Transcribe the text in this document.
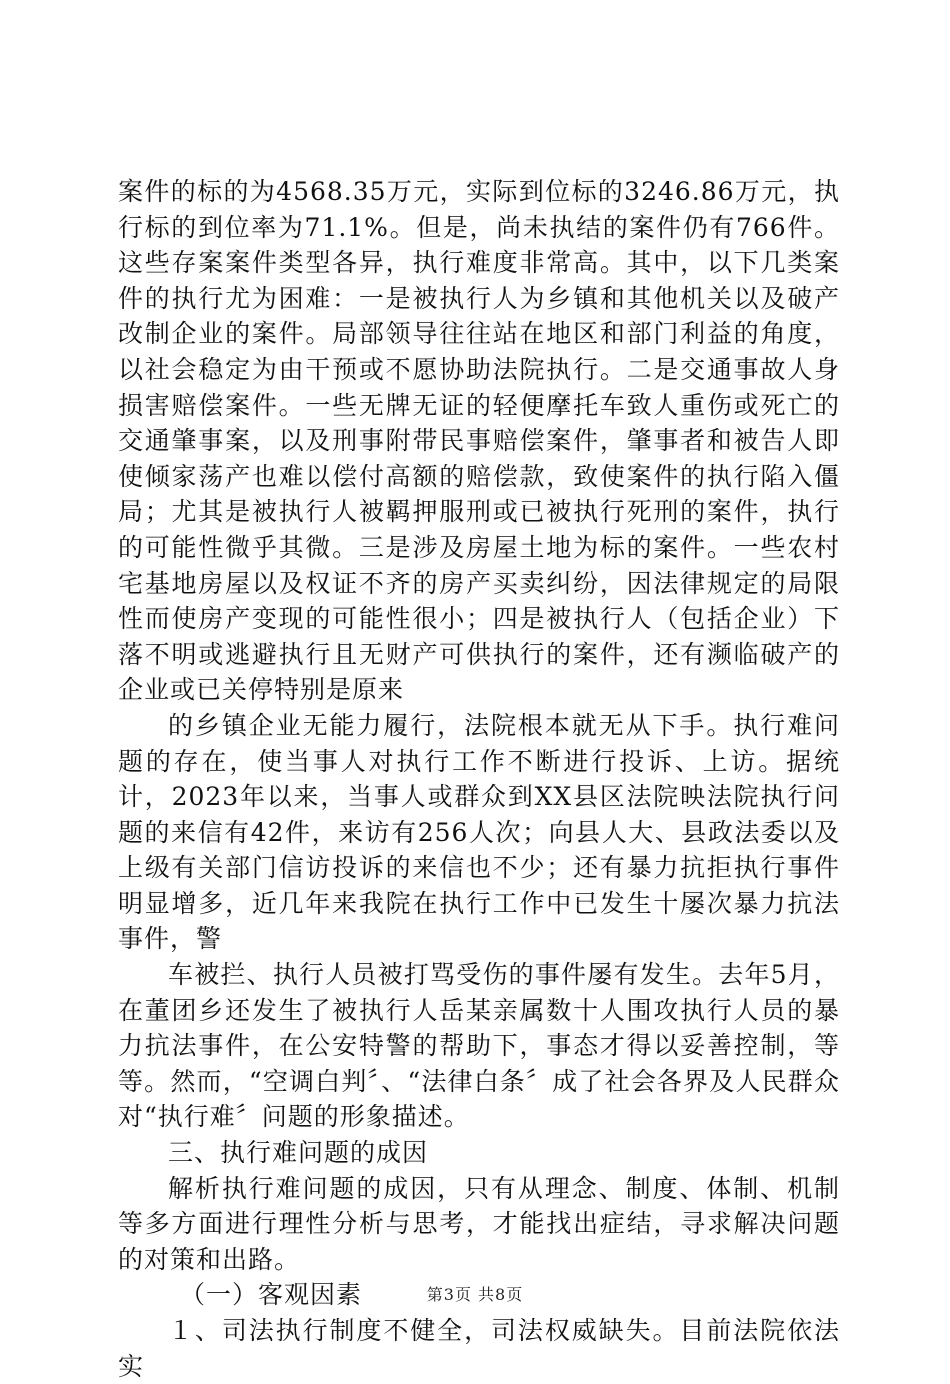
案件的标的为4568.35万元，实际到位标的3246.86万元，执行标的到位率为71.1%。但是，尚未执结的案件仍有766件。这些存案案件类型各异，执行难度非常高。其中，以下几类案件的执行尤为困难：一是被执行人为乡镇和其他机关以及破产改制企业的案件。局部领导往往站在地区和部门利益的角度，以社会稳定为由干预或不愿协助法院执行。二是交通事故人身损害赔偿案件。一些无牌无证的轻便摩托车致人重伤或死亡的交通肇事案，以及刑事附带民事赔偿案件，肇事者和被告人即使倾家荡产也难以偿付高额的赔偿款，致使案件的执行陷入僵局；尤其是被执行人被羁押服刑或已被执行死刑的案件，执行的可能性微乎其微。三是涉及房屋土地为标的案件。一些农村宅基地房屋以及权证不齐的房产买卖纠纷，因法律规定的局限性而使房产变现的可能性很小；四是被执行人（包括企业）下落不明或逃避执行且无财产可供执行的案件，还有濒临破产的企业或已关停特别是原来

的乡镇企业无能力履行，法院根本就无从下手。执行难问题的存在，使当事人对执行工作不断进行投诉、上访。据统计，2023年以来，当事人或群众到XX县区法院映法院执行问题的来信有42件，来访有256人次；向县人大、县政法委以及上级有关部门信访投诉的来信也不少；还有暴力抗拒执行事件明显增多，近几年来我院在执行工作中已发生十屡次暴力抗法事件，警

车被拦、执行人员被打骂受伤的事件屡有发生。去年5月，在董团乡还发生了被执行人岳某亲属数十人围攻执行人员的暴力抗法事件，在公安特警的帮助下，事态才得以妥善控制，等等。然而，“空调白判〞、“法律白条〞成了社会各界及人民群众对“执行难〞问题的形象描述。

三、执行难问题的成因

解析执行难问题的成因，只有从理念、制度、体制、机制等多方面进行理性分析与思考，才能找出症结，寻求解决问题的对策和出路。

（一）客观因素

１、司法执行制度不健全，司法权威缺失。目前法院依法实

第3页 共8页
